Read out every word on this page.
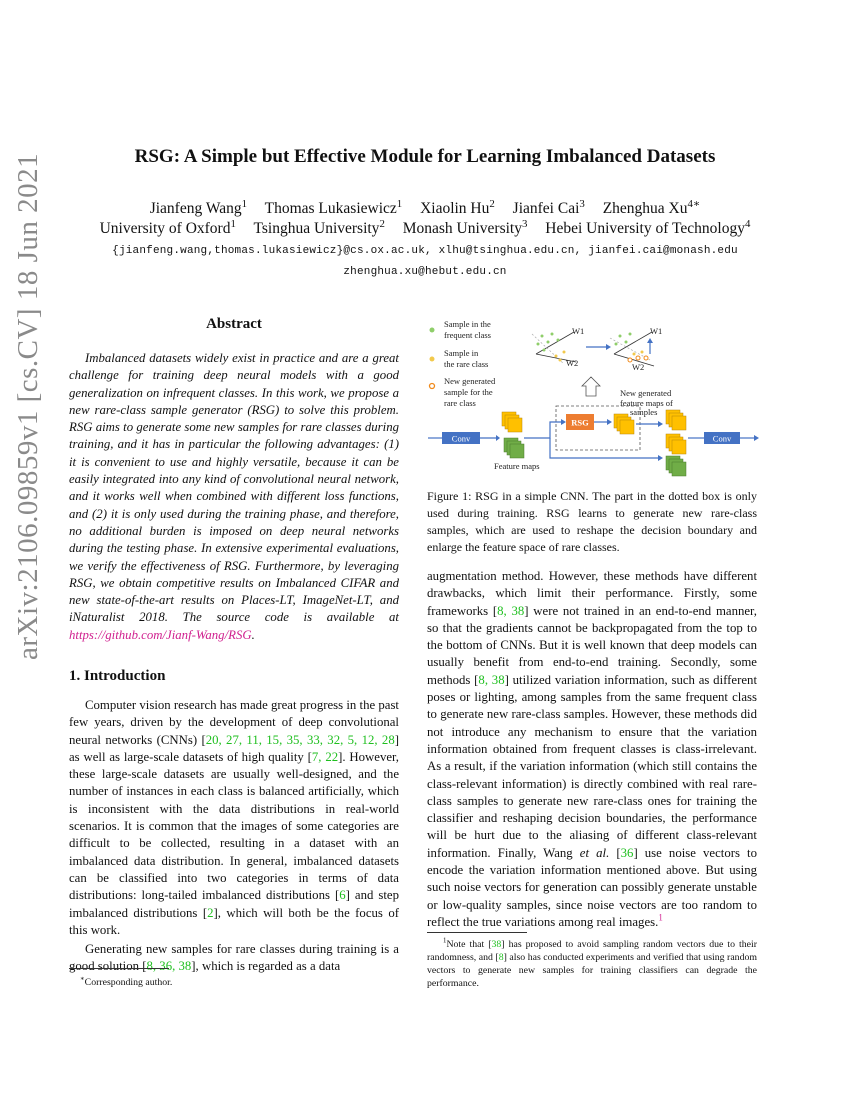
arXiv:2106.09859v1 [cs.CV] 18 Jun 2021	RSG: A Simple but Effective Module for Learning Imbalanced Datasets
Jianfeng Wang$^1$ Thomas Lukasiewicz$^1$ Xiaolin Hu$^2$ Jianfei Cai$^3$ Zhenghua $Xu^{4∗}$
University of Oxford$^1$ Tsinghua University$^2$ Monash University$^3$ Hebei University of Technology$^4$
{jianfeng.wang,thomas.lukasiewicz}@cs.ox.ac.uk, xlhu@tsinghua.edu.cn, jianfei.cai@monash.edu
zhenghua.xu@hebut.edu.cn
Abstract

Imbalanced datasets widely exist in practice and are a great challenge for training deep neural models with a good generalization on infrequent classes. In this work, we propose a new rare-class sample generator (RSG) to solve this problem. RSG aims to generate some new samples for rare classes during training, and it has in particular the following advantages: (1) it is convenient to use and highly versatile, because it can be easily integrated into any kind of convolutional neural network, and it works well when combined with different loss functions, and (2) it is only used during the training phase, and therefore, no additional burden is imposed on deep neural networks during the testing phase. In extensive experimental evaluations, we verify the effectiveness of RSG. Furthermore, by leveraging RSG, we obtain competitive results on Imbalanced CIFAR and new state-of-the-art results on Places-LT, ImageNet-LT, and iNaturalist 2018. The source code is available at https://github.com/Jianf-Wang/RSG.

1. Introduction

Computer vision research has made great progress in the past few years, driven by the development of deep convolutional neural networks (CNNs) [20, 27, 11, 15, 35, 33, 32, 5, 12, 28] as well as large-scale datasets of high quality [7, 22]. However, these large-scale datasets are usually well-designed, and the number of instances in each class is balanced artificially, which is inconsistent with the data distributions in real-world scenarios. It is common that the images of some categories are difficult to be collected, resulting in a dataset with an imbalanced data distribution. In general, imbalanced datasets can be classified into two categories in terms of data distributions: long-tailed imbalanced distributions [6] and step imbalanced distributions [2], which will both be the focus of this work.

Generating new samples for rare classes during training is a good solution [8, 36, 38], which is regarded as a data

∗Corresponding author.
Sample in the
frequent class
Sample in
the rare class
New generated
sample for the
rare class
W1
W2
W1
W2
Conv
Feature maps
RSG
New generated
feature maps of
samples
Conv
Figure 1: RSG in a simple CNN. The part in the dotted box is only used during training. RSG learns to generate new rare-class samples, which are used to reshape the decision boundary and enlarge the feature space of rare classes.

augmentation method. However, these methods have different drawbacks, which limit their performance. Firstly, some frameworks [8, 38] were not trained in an end-to-end manner, so that the gradients cannot be backpropagated from the top to the bottom of CNNs. But it is well known that deep models can usually benefit from end-to-end training. Secondly, some methods [8, 38] utilized variation information, such as different poses or lighting, among samples from the same frequent class to generate new rare-class samples. However, these methods did not introduce any mechanism to ensure that the variation information obtained from frequent classes is class-irrelevant. As a result, if the variation information (which still contains the class-relevant information) is directly combined with real rare-class samples to generate new rare-class ones for training the classifier and reshaping decision boundaries, the performance will be hurt due to the aliasing of different class-relevant information. Finally, Wang et al. [36] use noise vectors to encode the variation information mentioned above. But using such noise vectors for generation can possibly generate unstable or low-quality samples, since noise vectors are too random to reflect the true variations among real images.$^1$

$^1$Note that [38] has proposed to avoid sampling random vectors due to their randomness, and [8] also has conducted experiments and verified that using random vectors to generate new samples for training classifiers can degrade the performance.
